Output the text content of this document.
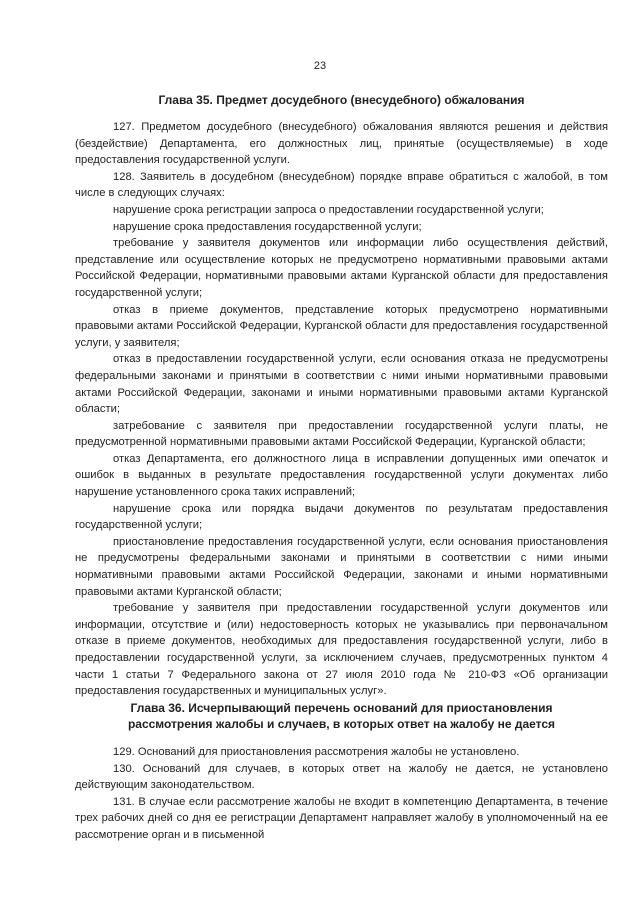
23
Глава 35. Предмет досудебного (внесудебного) обжалования

127. Предметом досудебного (внесудебного) обжалования являются решения и действия (бездействие) Департамента, его должностных лиц, принятые (осуществляемые) в ходе предоставления государственной услуги.

128. Заявитель в досудебном (внесудебном) порядке вправе обратиться с жалобой, в том числе в следующих случаях:

нарушение срока регистрации запроса о предоставлении государственной услуги;

нарушение срока предоставления государственной услуги;

требование у заявителя документов или информации либо осуществления действий, представление или осуществление которых не предусмотрено нормативными правовыми актами Российской Федерации, нормативными правовыми актами Курганской области для предоставления государственной услуги;

отказ в приеме документов, представление которых предусмотрено нормативными правовыми актами Российской Федерации, Курганской области для предоставления государственной услуги, у заявителя;

отказ в предоставлении государственной услуги, если основания отказа не предусмотрены федеральными законами и принятыми в соответствии с ними иными нормативными правовыми актами Российской Федерации, законами и иными нормативными правовыми актами Курганской области;

затребование с заявителя при предоставлении государственной услуги платы, не предусмотренной нормативными правовыми актами Российской Федерации, Курганской области;

отказ Департамента, его должностного лица в исправлении допущенных ими опечаток и ошибок в выданных в результате предоставления государственной услуги документах либо нарушение установленного срока таких исправлений;

нарушение срока или порядка выдачи документов по результатам предоставления государственной услуги;

приостановление предоставления государственной услуги, если основания приостановления не предусмотрены федеральными законами и принятыми в соответствии с ними иными нормативными правовыми актами Российской Федерации, законами и иными нормативными правовыми актами Курганской области;

требование у заявителя при предоставлении государственной услуги документов или информации, отсутствие и (или) недостоверность которых не указывались при первоначальном отказе в приеме документов, необходимых для предоставления государственной услуги, либо в предоставлении государственной услуги, за исключением случаев, предусмотренных пунктом 4 части 1 статьи 7 Федерального закона от 27 июля 2010 года № 210-ФЗ «Об организации предоставления государственных и муниципальных услуг».

Глава 36. Исчерпывающий перечень оснований для приостановления
рассмотрения жалобы и случаев, в которых ответ на жалобу не дается

129. Оснований для приостановления рассмотрения жалобы не установлено.

130. Оснований для случаев, в которых ответ на жалобу не дается, не установлено действующим законодательством.

131. В случае если рассмотрение жалобы не входит в компетенцию Департамента, в течение трех рабочих дней со дня ее регистрации Департамент направляет жалобу в уполномоченный на ее рассмотрение орган и в письменной
